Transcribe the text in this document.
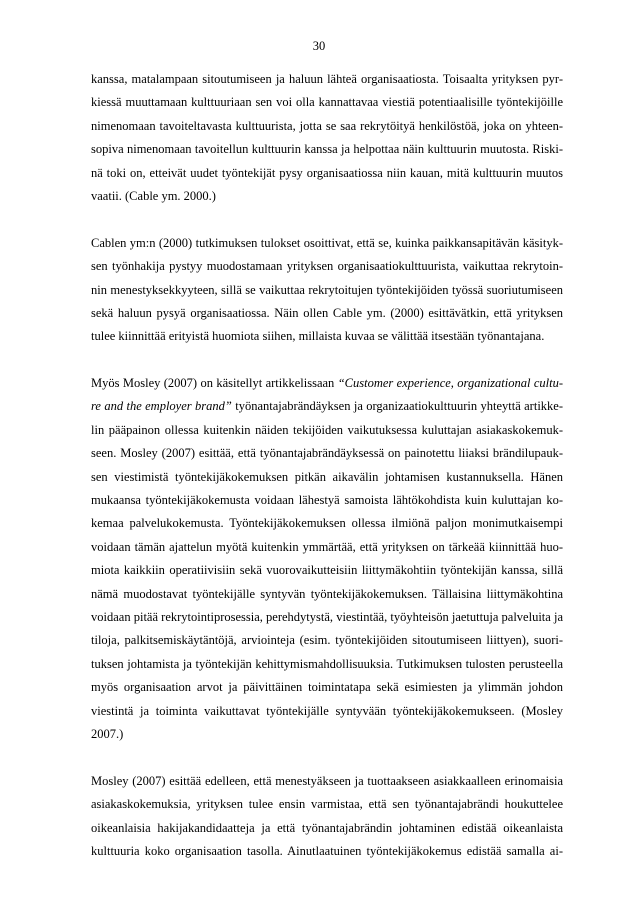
30
kanssa, matalampaan sitoutumiseen ja haluun lähteä organisaatiosta. Toisaalta yrityksen pyr-
kiessä muuttamaan kulttuuriaan sen voi olla kannattavaa viestiä potentiaalisille työntekijöille
nimenomaan tavoiteltavasta kulttuurista, jotta se saa rekrytöityä henkilöstöä, joka on yhteen-
sopiva nimenomaan tavoitellun kulttuurin kanssa ja helpottaa näin kulttuurin muutosta. Riski-
nä toki on, etteivät uudet työntekijät pysy organisaatiossa niin kauan, mitä kulttuurin muutos
vaatii. (Cable ym. 2000.)
Cablen ym:n (2000) tutkimuksen tulokset osoittivat, että se, kuinka paikkansapitävän käsityk-
sen työnhakija pystyy muodostamaan yrityksen organisaatiokulttuurista, vaikuttaa rekrytoin-
nin menestyksekkyyteen, sillä se vaikuttaa rekrytoitujen työntekijöiden työssä suoriutumiseen
sekä haluun pysyä organisaatiossa. Näin ollen Cable ym. (2000) esittävätkin, että yrityksen
tulee kiinnittää erityistä huomiota siihen, millaista kuvaa se välittää itsestään työnantajana.
Myös Mosley (2007) on käsitellyt artikkelissaan “Customer experience, organizational cultu-
re and the employer brand” työnantajabrändäyksen ja organizaatiokulttuurin yhteyttä artikke-
lin pääpainon ollessa kuitenkin näiden tekijöiden vaikutuksessa kuluttajan asiakaskokemuk-
seen. Mosley (2007) esittää, että työnantajabrändäyksessä on painotettu liiaksi brändilupauk-
sen viestimistä työntekijäkokemuksen pitkän aikavälin johtamisen kustannuksella. Hänen
mukaansa työntekijäkokemusta voidaan lähestyä samoista lähtökohdista kuin kuluttajan ko-
kemaa palvelukokemusta. Työntekijäkokemuksen ollessa ilmiönä paljon monimutkaisempi
voidaan tämän ajattelun myötä kuitenkin ymmärtää, että yrityksen on tärkeää kiinnittää huo-
miota kaikkiin operatiivisiin sekä vuorovaikutteisiin liittymäkohtiin työntekijän kanssa, sillä
nämä muodostavat työntekijälle syntyvän työntekijäkokemuksen. Tällaisina liittymäkohtina
voidaan pitää rekrytointiprosessia, perehdytystä, viestintää, työyhteisön jaetuttuja palveluita ja
tiloja, palkitsemiskäytäntöjä, arviointeja (esim. työntekijöiden sitoutumiseen liittyen), suori-
tuksen johtamista ja työntekijän kehittymismahdollisuuksia. Tutkimuksen tulosten perusteella
myös organisaation arvot ja päivittäinen toimintatapa sekä esimiesten ja ylimmän johdon
viestintä ja toiminta vaikuttavat työntekijälle syntyvään työntekijäkokemukseen. (Mosley
2007.)
Mosley (2007) esittää edelleen, että menestyäkseen ja tuottaakseen asiakkaalleen erinomaisia
asiakaskokemuksia, yrityksen tulee ensin varmistaa, että sen työnantajabrändi houkuttelee
oikeanlaisia hakijakandidaatteja ja että työnantajabrändin johtaminen edistää oikeanlaista
kulttuuria koko organisaation tasolla. Ainutlaatuinen työntekijäkokemus edistää samalla ai-
